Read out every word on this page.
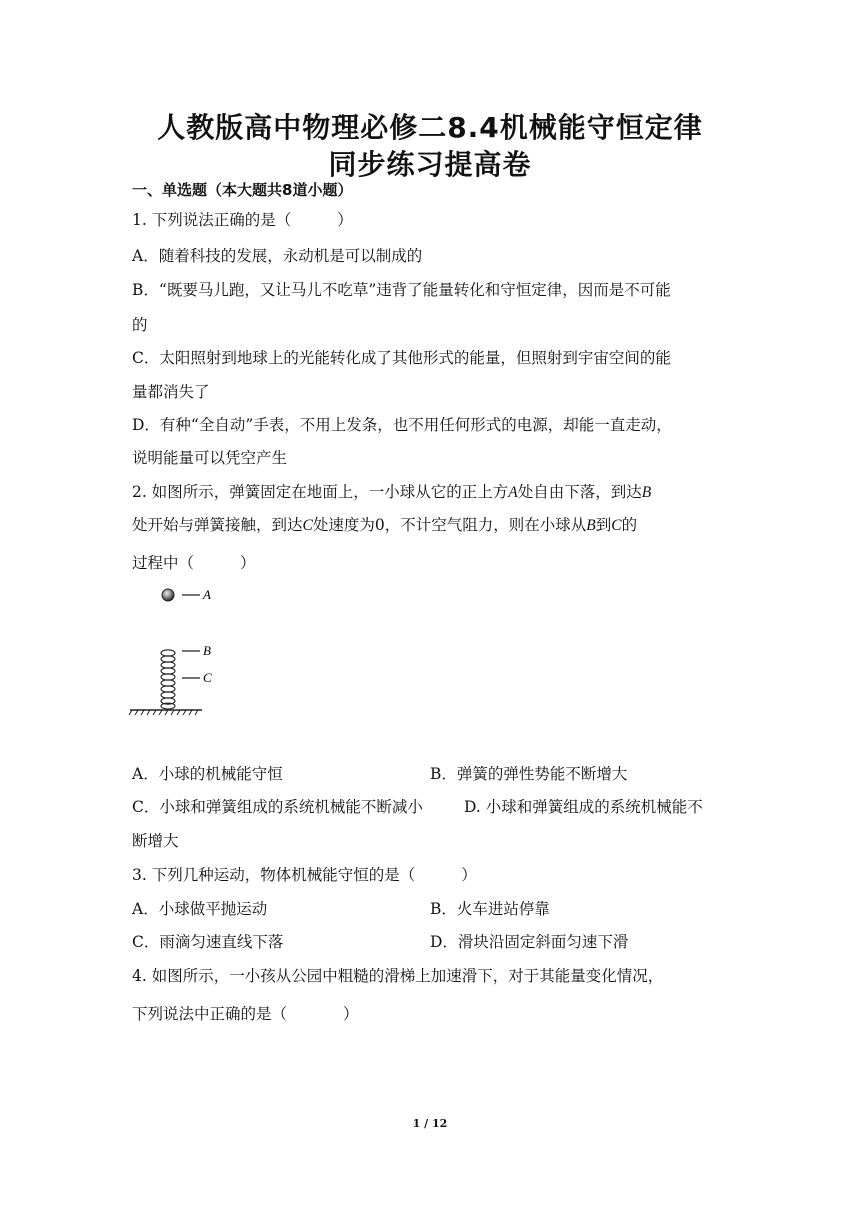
人教版高中物理必修二8.4机械能守恒定律
同步练习提高卷
一、单选题（本大题共8道小题）
1. 下列说法正确的是（	）
A．随着科技的发展，永动机是可以制成的
B．“既要马儿跑，又让马儿不吃草”违背了能量转化和守恒定律，因而是不可能
的
C．太阳照射到地球上的光能转化成了其他形式的能量，但照射到宇宙空间的能
量都消失了
D．有种“全自动”手表，不用上发条，也不用任何形式的电源，却能一直走动，
说明能量可以凭空产生
2. 如图所示，弹簧固定在地面上，一小球从它的正上方A处自由下落，到达B
处开始与弹簧接触，到达C处速度为0，不计空气阻力，则在小球从B到C的
过程中（	）
A
B
C
A．小球的机械能守恒	B．弹簧的弹性势能不断增大
C．小球和弹簧组成的系统机械能不断减小	D. 小球和弹簧组成的系统机械能不
断增大
3. 下列几种运动，物体机械能守恒的是（	）
A．小球做平抛运动	B．火车进站停靠
C．雨滴匀速直线下落	D．滑块沿固定斜面匀速下滑
4. 如图所示，一小孩从公园中粗糙的滑梯上加速滑下，对于其能量变化情况，
下列说法中正确的是（	）
1 / 12
